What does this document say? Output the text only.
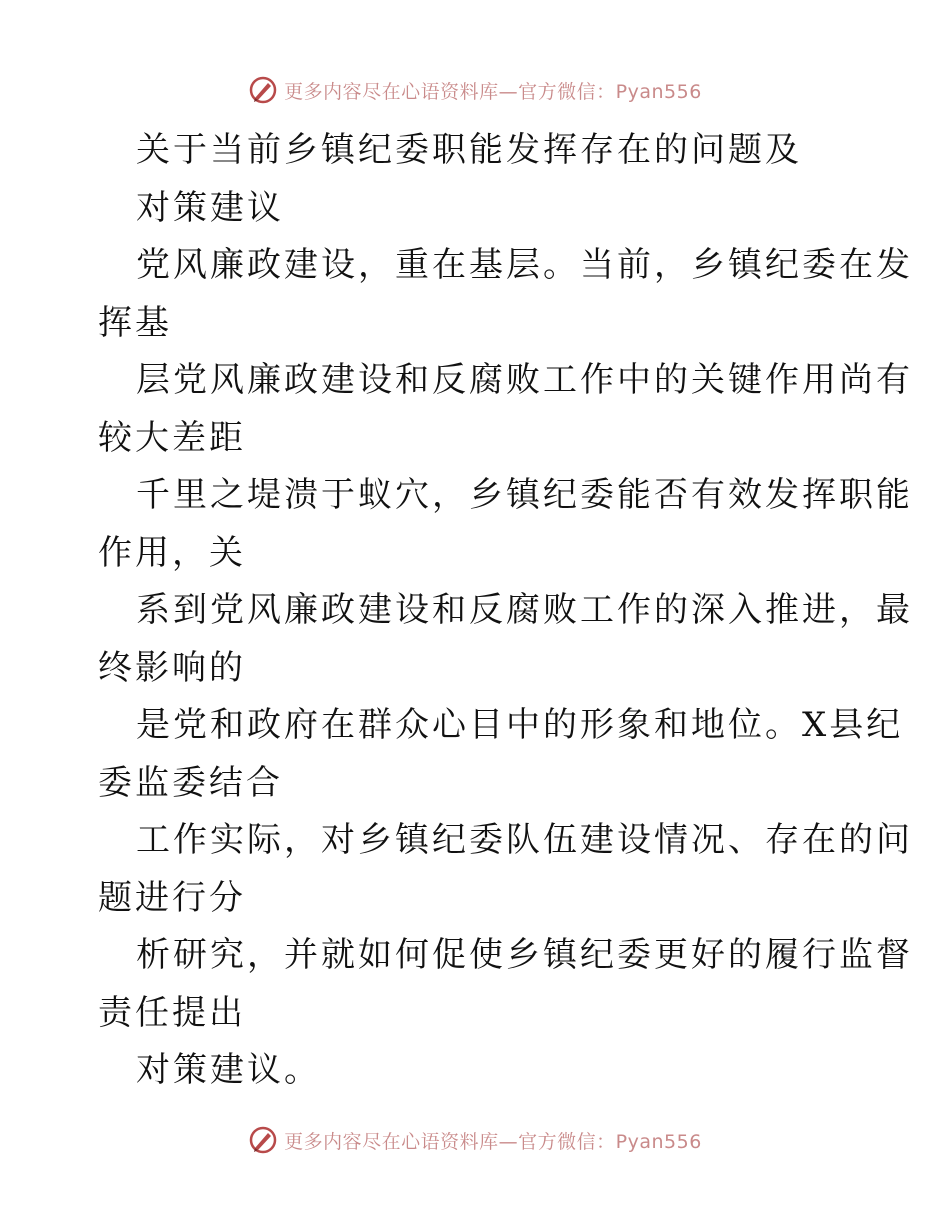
更多内容尽在心语资料库—官方微信：Pyan556
关于当前乡镇纪委职能发挥存在的问题及
对策建议
党风廉政建设，重在基层。当前，乡镇纪委在发
挥基
层党风廉政建设和反腐败工作中的关键作用尚有
较大差距
千里之堤溃于蚁穴，乡镇纪委能否有效发挥职能
作用，关
系到党风廉政建设和反腐败工作的深入推进，最
终影响的
是党和政府在群众心目中的形象和地位。X县纪
委监委结合
工作实际，对乡镇纪委队伍建设情况、存在的问
题进行分
析研究，并就如何促使乡镇纪委更好的履行监督
责任提出
对策建议。
更多内容尽在心语资料库—官方微信：Pyan556
